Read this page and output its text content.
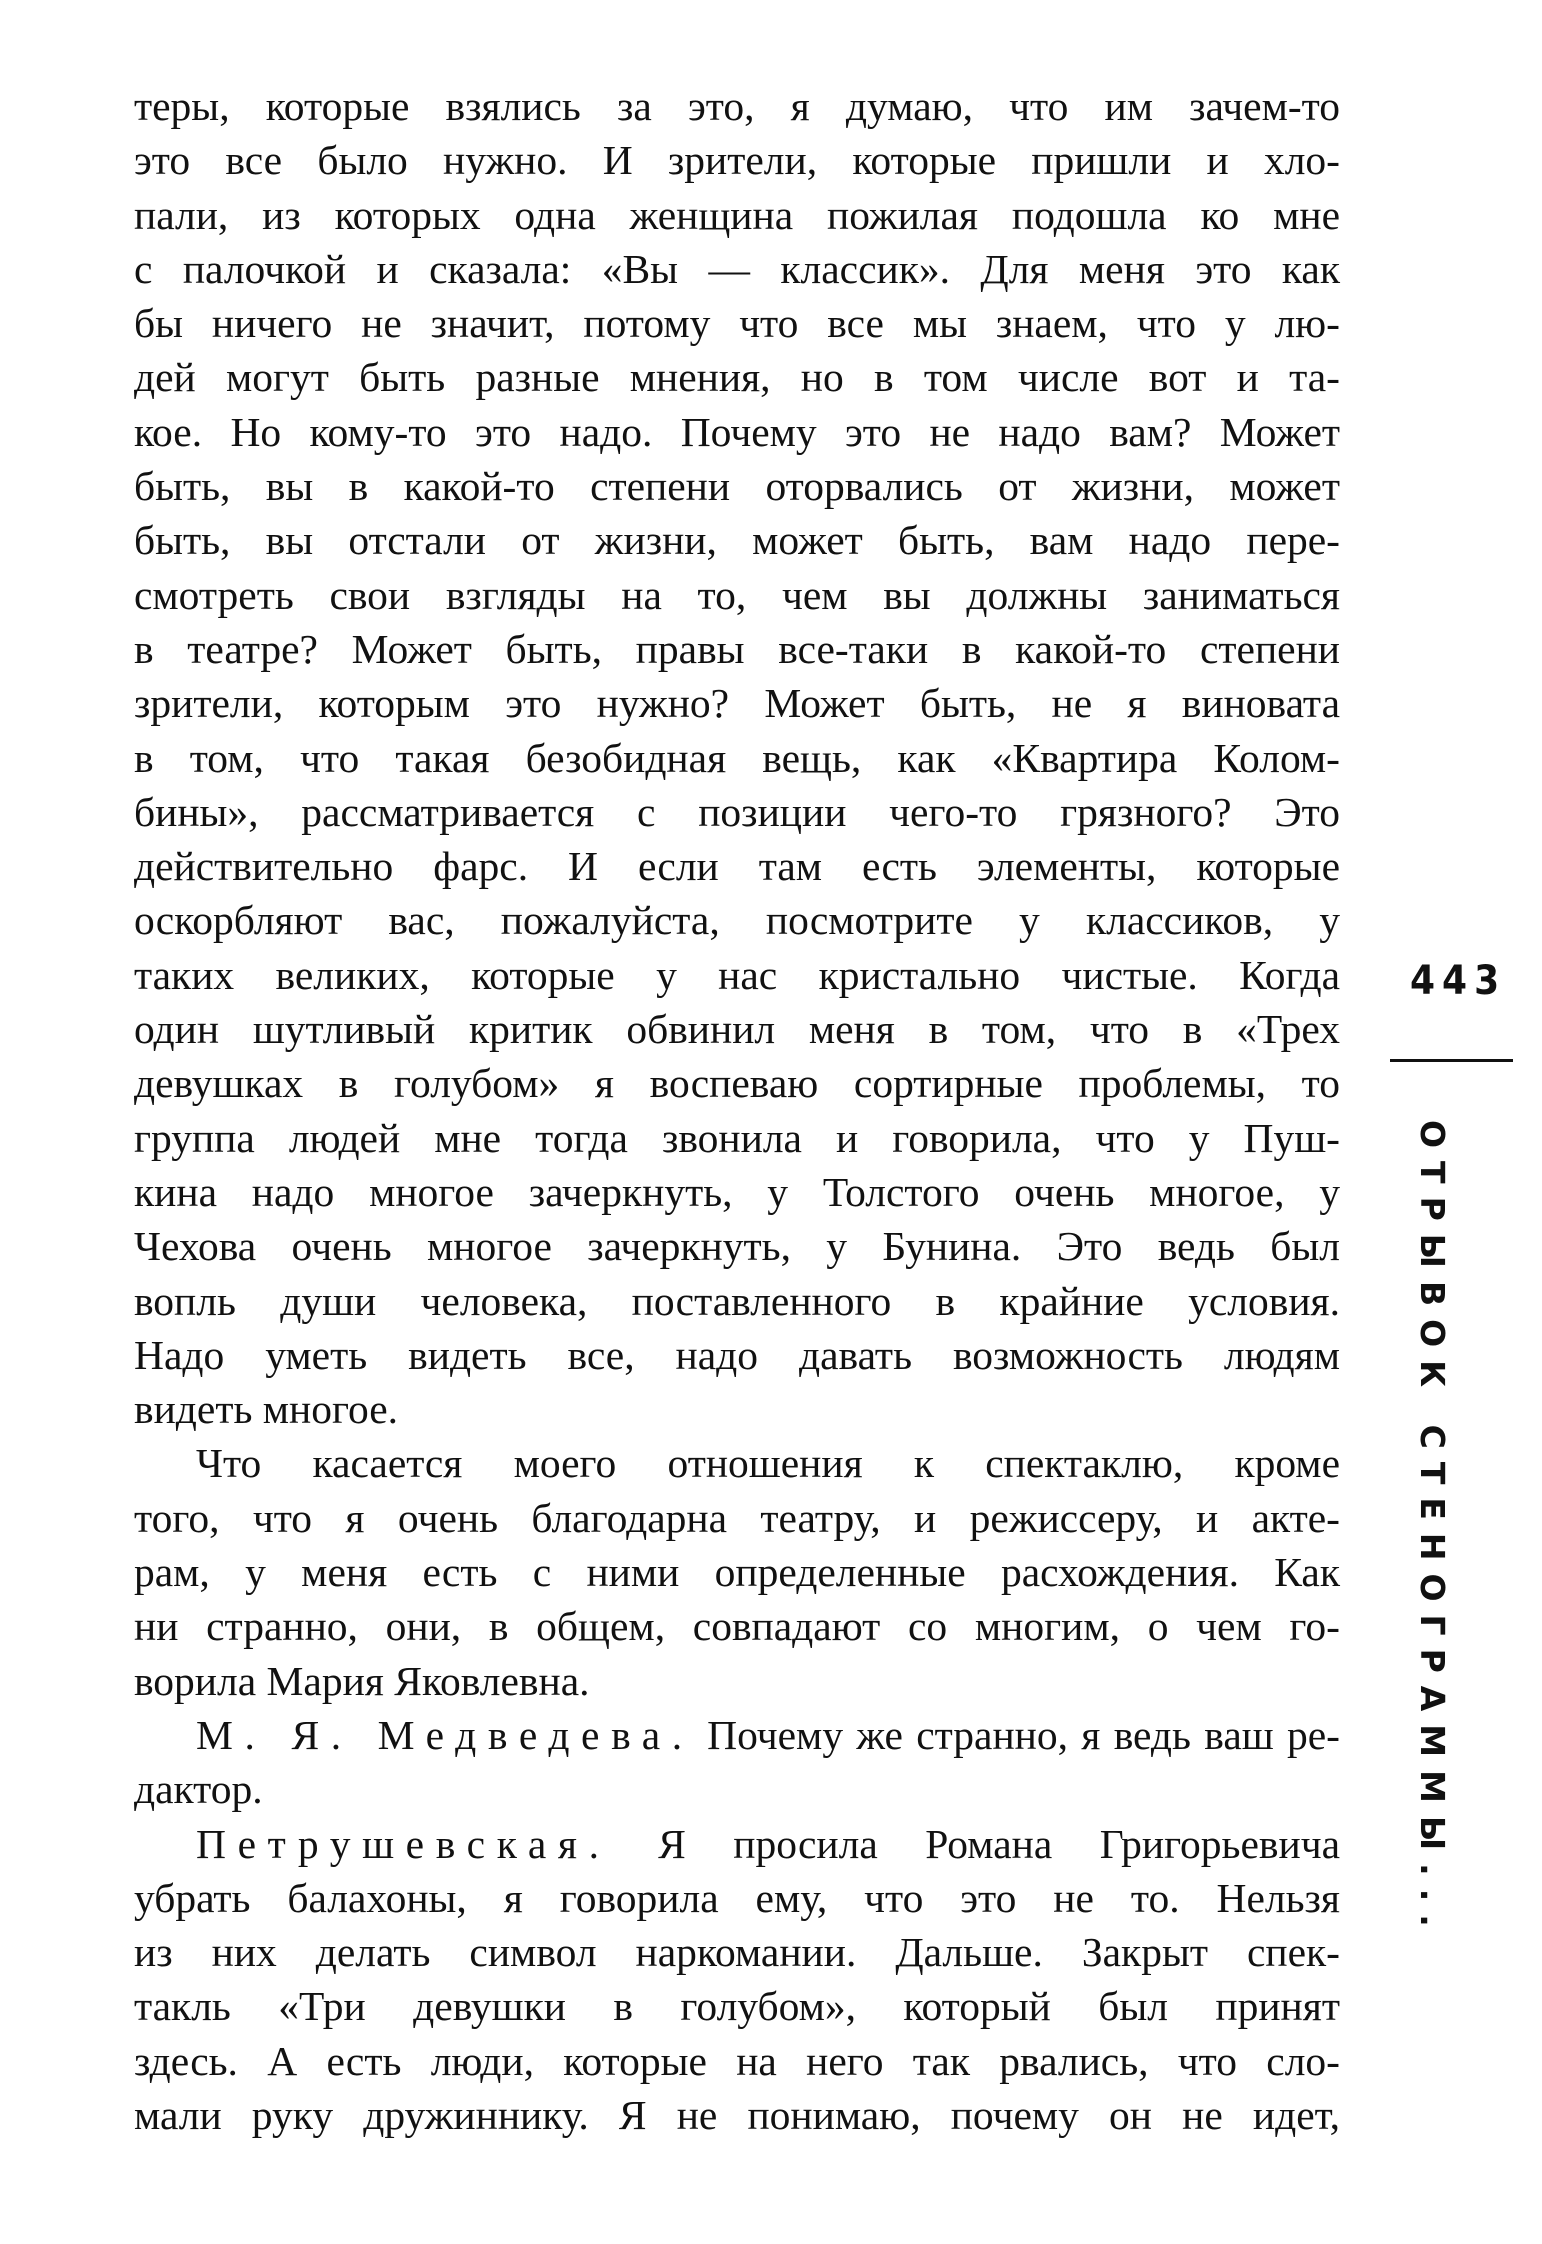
теры, которые взялись за это, я думаю, что им зачем-то
это все было нужно. И зрители, которые пришли и хло-
пали, из которых одна женщина пожилая подошла ко мне
с палочкой и сказала: «Вы — классик». Для меня это как
бы ничего не значит, потому что все мы знаем, что у лю-
дей могут быть разные мнения, но в том числе вот и та-
кое. Но кому-то это надо. Почему это не надо вам? Может
быть, вы в какой-то степени оторвались от жизни, может
быть, вы отстали от жизни, может быть, вам надо пере-
смотреть свои взгляды на то, чем вы должны заниматься
в театре? Может быть, правы все-таки в какой-то степени
зрители, которым это нужно? Может быть, не я виновата
в том, что такая безобидная вещь, как «Квартира Колом-
бины», рассматривается с позиции чего-то грязного? Это
действительно фарс. И если там есть элементы, которые
оскорбляют вас, пожалуйста, посмотрите у классиков, у
таких великих, которые у нас кристально чистые. Когда
один шутливый критик обвинил меня в том, что в «Трех
девушках в голубом» я воспеваю сортирные проблемы, то
группа людей мне тогда звонила и говорила, что у Пуш-
кина надо многое зачеркнуть, у Толстого очень многое, у
Чехова очень многое зачеркнуть, у Бунина. Это ведь был
вопль души человека, поставленного в крайние условия.
Надо уметь видеть все, надо давать возможность людям
видеть многое.
Что касается моего отношения к спектаклю, кроме
того, что я очень благодарна театру, и режиссеру, и акте-
рам, у меня есть с ними определенные расхождения. Как
ни странно, они, в общем, совпадают со многим, о чем го-
ворила Мария Яковлевна.
М. Я. Медведева. Почему же странно, я ведь ваш ре-
дактор.
Петрушевская. Я просила Романа Григорьевича
убрать балахоны, я говорила ему, что это не то. Нельзя
из них делать символ наркомании. Дальше. Закрыт спек-
такль «Три девушки в голубом», который был принят
здесь. А есть люди, которые на него так рвались, что сло-
мали руку дружиннику. Я не понимаю, почему он не идет,
443
ОТРЫВОК СТЕНОГРАММЫ...
